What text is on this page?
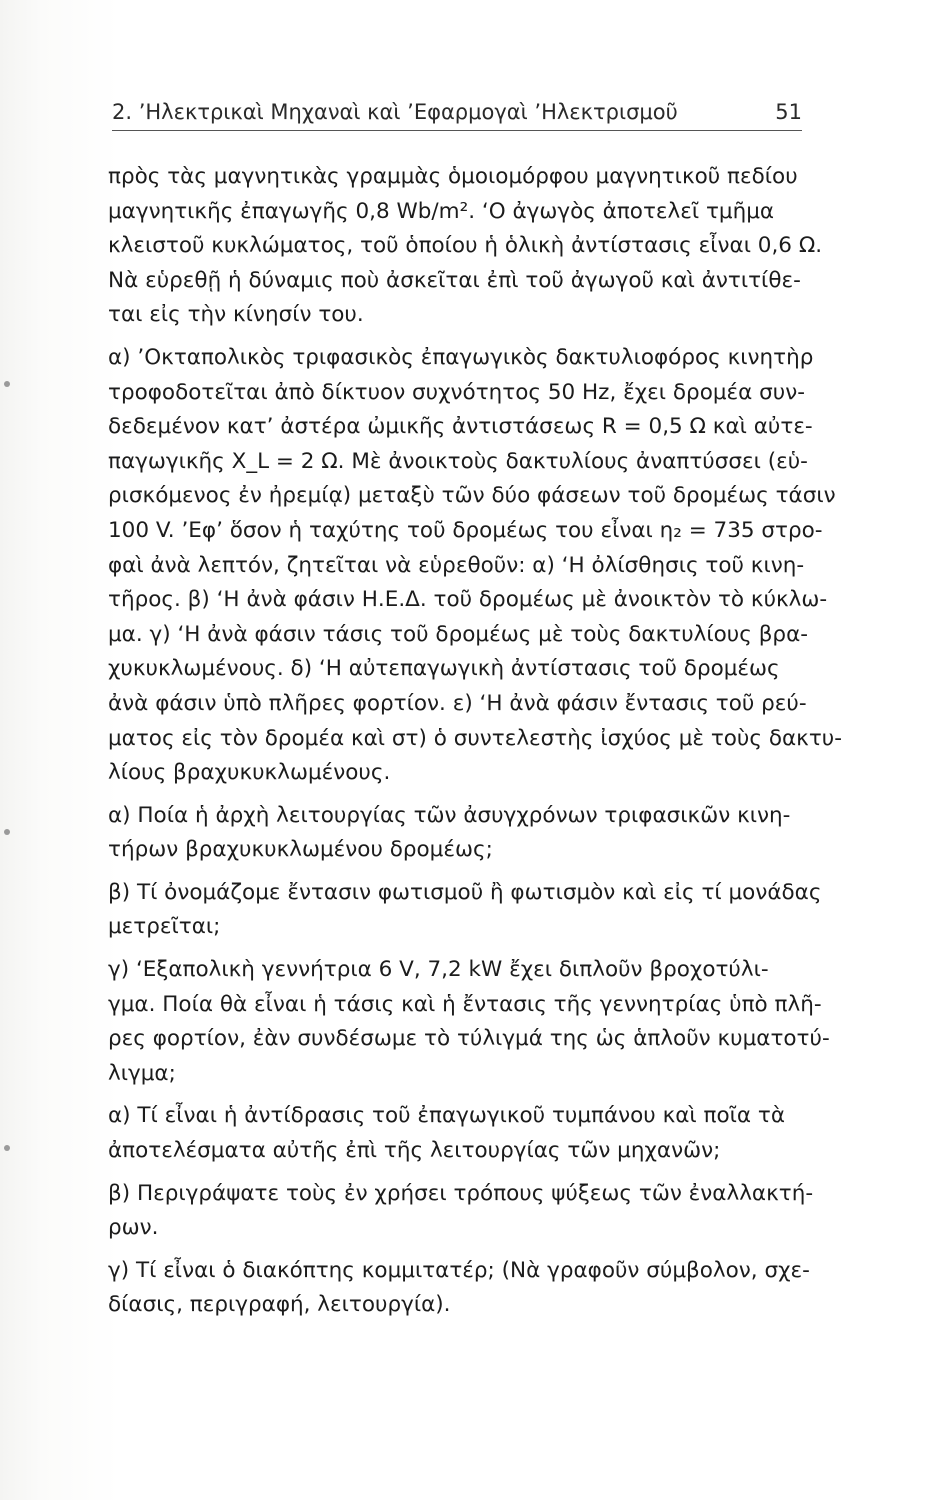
2. ’Ηλεκτρικαὶ Μηχαναὶ καὶ ’Εφαρμογαὶ ’Ηλεκτρισμοῦ	51
πρὸς τὰς μαγνητικὰς γραμμὰς ὁμοιομόρφου μαγνητικοῦ πεδίου
μαγνητικῆς ἐπαγωγῆς 0,8 Wb/m². ‘Ο ἀγωγὸς ἀποτελεῖ τμῆμα
κλειστοῦ κυκλώματος, τοῦ ὁποίου ἡ ὁλικὴ ἀντίστασις εἶναι 0,6 Ω.
Νὰ εὑρεθῇ ἡ δύναμις ποὺ ἀσκεῖται ἐπὶ τοῦ ἀγωγοῦ καὶ ἀντιτίθε-
ται εἰς τὴν κίνησίν του.
α) ’Οκταπολικὸς τριφασικὸς ἐπαγωγικὸς δακτυλιοφόρος κινητὴρ
τροφοδοτεῖται ἀπὸ δίκτυον συχνότητος 50 Hz, ἔχει δρομέα συν-
δεδεμένον κατ’ ἀστέρα ὠμικῆς ἀντιστάσεως R = 0,5 Ω καὶ αὐτε-
παγωγικῆς X_L = 2 Ω. Μὲ ἀνοικτοὺς δακτυλίους ἀναπτύσσει (εὑ-
ρισκόμενος ἐν ἠρεμίᾳ) μεταξὺ τῶν δύο φάσεων τοῦ δρομέως τάσιν
100 V. ’Εφ’ ὅσον ἡ ταχύτης τοῦ δρομέως του εἶναι η₂ = 735 στρο-
φαὶ ἀνὰ λεπτόν, ζητεῖται νὰ εὑρεθοῦν: α) ‘Η ὀλίσθησις τοῦ κινη-
τῆρος. β) ‘Η ἀνὰ φάσιν Η.Ε.Δ. τοῦ δρομέως μὲ ἀνοικτὸν τὸ κύκλω-
μα. γ) ‘Η ἀνὰ φάσιν τάσις τοῦ δρομέως μὲ τοὺς δακτυλίους βρα-
χυκυκλωμένους. δ) ‘Η αὐτεπαγωγικὴ ἀντίστασις τοῦ δρομέως
ἀνὰ φάσιν ὑπὸ πλῆρες φορτίον. ε) ‘Η ἀνὰ φάσιν ἔντασις τοῦ ρεύ-
ματος εἰς τὸν δρομέα καὶ στ) ὁ συντελεστὴς ἰσχύος μὲ τοὺς δακτυ-
λίους βραχυκυκλωμένους.
α) Ποία ἡ ἀρχὴ λειτουργίας τῶν ἀσυγχρόνων τριφασικῶν κινη-
τήρων βραχυκυκλωμένου δρομέως;
β) Τί ὀνομάζομε ἔντασιν φωτισμοῦ ἢ φωτισμὸν καὶ εἰς τί μονάδας
μετρεῖται;
γ) ‘Εξαπολικὴ γεννήτρια 6 V, 7,2 kW ἔχει διπλοῦν βροχοτύλι-
γμα. Ποία θὰ εἶναι ἡ τάσις καὶ ἡ ἔντασις τῆς γεννητρίας ὑπὸ πλῆ-
ρες φορτίον, ἐὰν συνδέσωμε τὸ τύλιγμά της ὡς ἁπλοῦν κυματοτύ-
λιγμα;
α) Τί εἶναι ἡ ἀντίδρασις τοῦ ἐπαγωγικοῦ τυμπάνου καὶ ποῖα τὰ
ἀποτελέσματα αὐτῆς ἐπὶ τῆς λειτουργίας τῶν μηχανῶν;
β) Περιγράψατε τοὺς ἐν χρήσει τρόπους ψύξεως τῶν ἐναλλακτή-
ρων.
γ) Τί εἶναι ὁ διακόπτης κομμιτατέρ; (Νὰ γραφοῦν σύμβολον, σχε-
δίασις, περιγραφή, λειτουργία).
